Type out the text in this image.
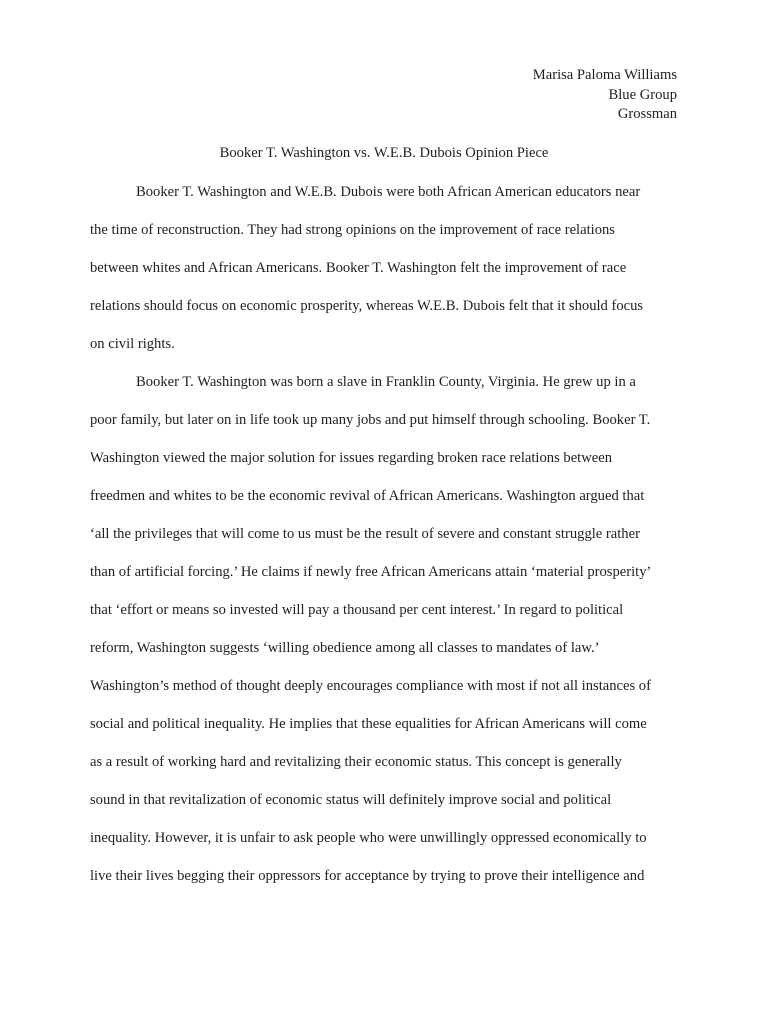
Marisa Paloma Williams
Blue Group
Grossman
Booker T. Washington vs. W.E.B. Dubois Opinion Piece
Booker T. Washington and W.E.B. Dubois were both African American educators near
the time of reconstruction. They had strong opinions on the improvement of race relations
between whites and African Americans. Booker T. Washington felt the improvement of race
relations should focus on economic prosperity, whereas W.E.B. Dubois felt that it should focus
on civil rights.
Booker T. Washington was born a slave in Franklin County, Virginia. He grew up in a
poor family, but later on in life took up many jobs and put himself through schooling. Booker T.
Washington viewed the major solution for issues regarding broken race relations between
freedmen and whites to be the economic revival of African Americans. Washington argued that
‘all the privileges that will come to us must be the result of severe and constant struggle rather
than of artificial forcing.’ He claims if newly free African Americans attain ‘material prosperity’
that ‘effort or means so invested will pay a thousand per cent interest.’ In regard to political
reform, Washington suggests ‘willing obedience among all classes to mandates of law.’
Washington’s method of thought deeply encourages compliance with most if not all instances of
social and political inequality. He implies that these equalities for African Americans will come
as a result of working hard and revitalizing their economic status. This concept is generally
sound in that revitalization of economic status will definitely improve social and political
inequality. However, it is unfair to ask people who were unwillingly oppressed economically to
live their lives begging their oppressors for acceptance by trying to prove their intelligence and
